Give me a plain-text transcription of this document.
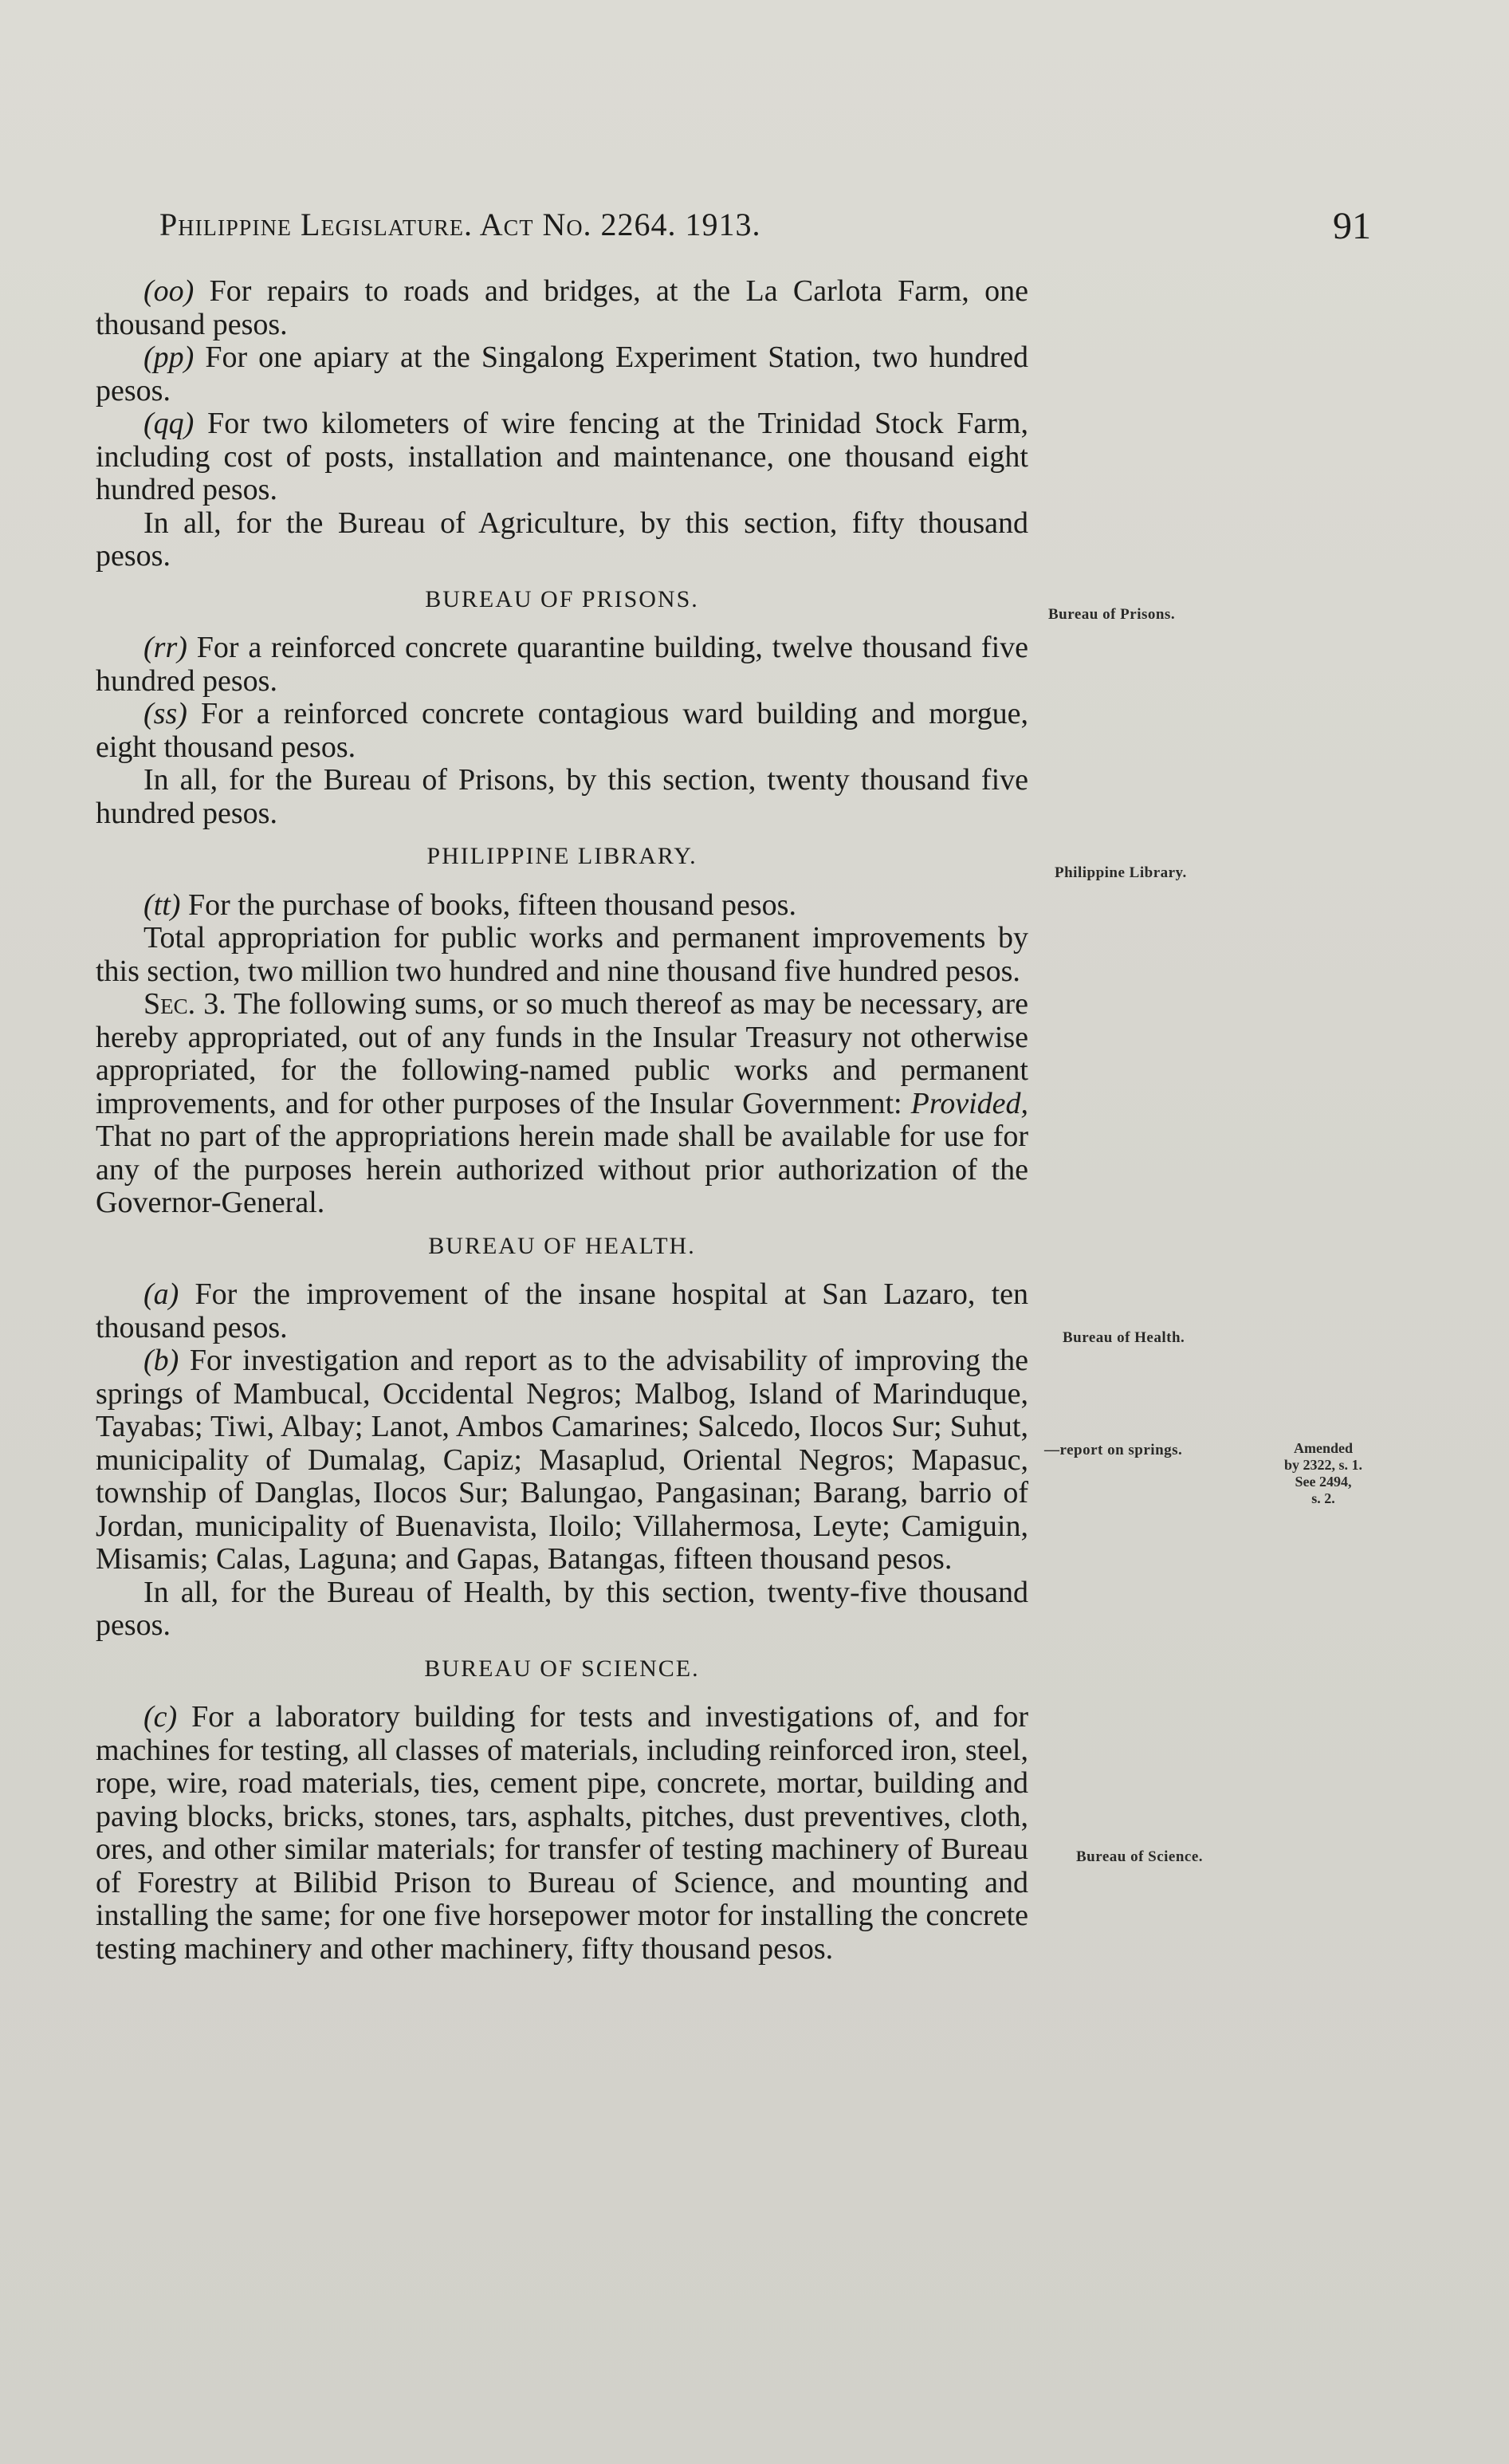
Philippine Legislature. Act No. 2264. 1913.	91

(oo) For repairs to roads and bridges, at the La Carlota Farm, one thousand pesos.

(pp) For one apiary at the Singalong Experiment Station, two hundred pesos.

(qq) For two kilometers of wire fencing at the Trinidad Stock Farm, including cost of posts, installation and maintenance, one thousand eight hundred pesos.

In all, for the Bureau of Agriculture, by this section, fifty thousand pesos.

BUREAU OF PRISONS.

(rr) For a reinforced concrete quarantine building, twelve thousand five hundred pesos.

(ss) For a reinforced concrete contagious ward building and morgue, eight thousand pesos.

In all, for the Bureau of Prisons, by this section, twenty thousand five hundred pesos.

PHILIPPINE LIBRARY.

(tt) For the purchase of books, fifteen thousand pesos.

Total appropriation for public works and permanent improvements by this section, two million two hundred and nine thousand five hundred pesos.

Sec. 3. The following sums, or so much thereof as may be necessary, are hereby appropriated, out of any funds in the Insular Treasury not otherwise appropriated, for the following-named public works and permanent improvements, and for other purposes of the Insular Government: Provided, That no part of the appropriations herein made shall be available for use for any of the purposes herein authorized without prior authorization of the Governor-General.

BUREAU OF HEALTH.

(a) For the improvement of the insane hospital at San Lazaro, ten thousand pesos.

(b) For investigation and report as to the advisability of improving the springs of Mambucal, Occidental Negros; Malbog, Island of Marinduque, Tayabas; Tiwi, Albay; Lanot, Ambos Camarines; Salcedo, Ilocos Sur; Suhut, municipality of Dumalag, Capiz; Masaplud, Oriental Negros; Mapasuc, township of Danglas, Ilocos Sur; Balungao, Pangasinan; Barang, barrio of Jordan, municipality of Buenavista, Iloilo; Villahermosa, Leyte; Camiguin, Misamis; Calas, Laguna; and Gapas, Batangas, fifteen thousand pesos.

In all, for the Bureau of Health, by this section, twenty-five thousand pesos.

BUREAU OF SCIENCE.

(c) For a laboratory building for tests and investigations of, and for machines for testing, all classes of materials, including reinforced iron, steel, rope, wire, road materials, ties, cement pipe, concrete, mortar, building and paving blocks, bricks, stones, tars, asphalts, pitches, dust preventives, cloth, ores, and other similar materials; for transfer of testing machinery of Bureau of Forestry at Bilibid Prison to Bureau of Science, and mounting and installing the same; for one five horsepower motor for installing the concrete testing machinery and other machinery, fifty thousand pesos.

Bureau of Prisons.
Philippine Library.
Bureau of Health.
—report on springs.	Amended
by 2322, s. 1.
See 2494,
s. 2.
Bureau of Science.
